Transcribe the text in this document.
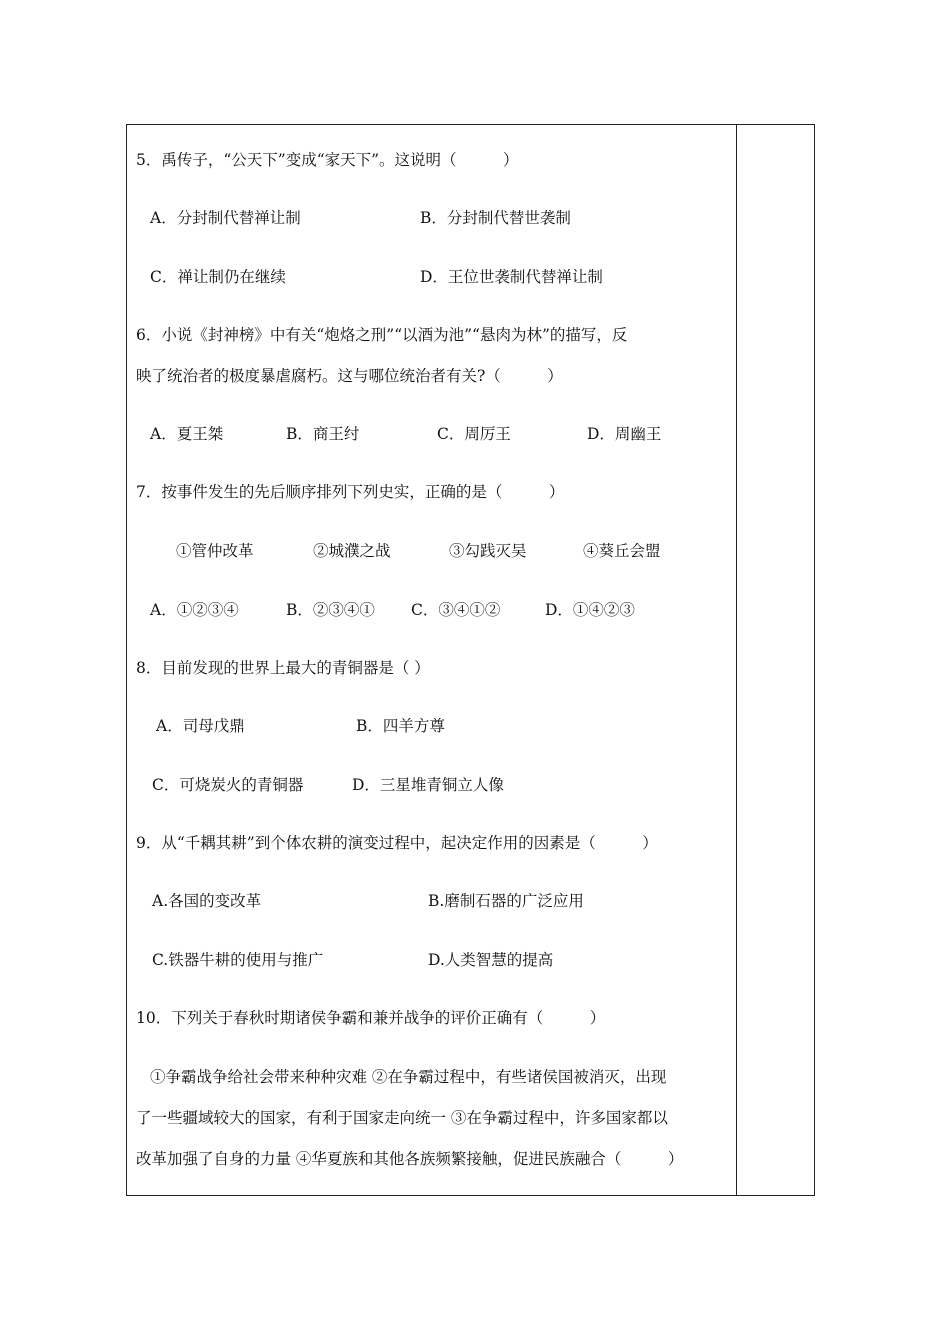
5．禹传子，“公天下”变成“家天下”。这说明（　　　）
A．分封制代替禅让制	B．分封制代替世袭制
C．禅让制仍在继续	D．王位世袭制代替禅让制
6．小说《封神榜》中有关“炮烙之刑”“以酒为池”“悬肉为林”的描写，反
映了统治者的极度暴虐腐朽。这与哪位统治者有关?（　　　）
A．夏王桀	B．商王纣	C．周厉王	D．周幽王
7．按事件发生的先后顺序排列下列史实，正确的是（　　　）
①管仲改革	②城濮之战	③勾践灭吴	④葵丘会盟
A．①②③④	B．②③④① C．③④①②	D．①④②③
8．目前发现的世界上最大的青铜器是（ ）
A．司母戊鼎	B．四羊方尊
C．可烧炭火的青铜器	D．三星堆青铜立人像
9．从“千耦其耕”到个体农耕的演变过程中，起决定作用的因素是（　　　）
A.各国的变改革	B.磨制石器的广泛应用
C.铁器牛耕的使用与推广	D.人类智慧的提高
10．下列关于春秋时期诸侯争霸和兼并战争的评价正确有（　　　）
①争霸战争给社会带来种种灾难 ②在争霸过程中，有些诸侯国被消灭，出现
了一些疆域较大的国家，有利于国家走向统一 ③在争霸过程中，许多国家都以
改革加强了自身的力量 ④华夏族和其他各族频繁接触，促进民族融合（　　　）
